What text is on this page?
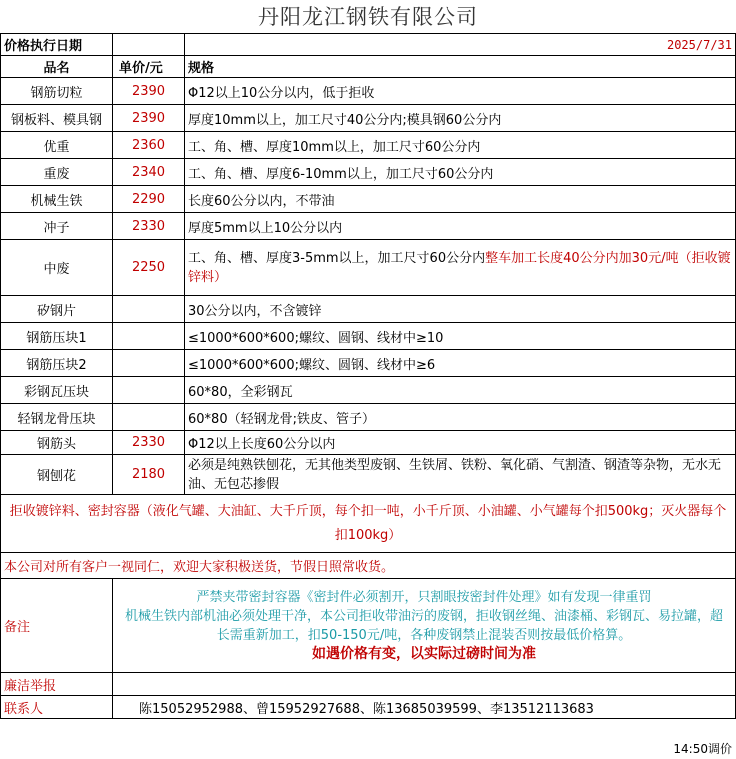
丹阳龙江钢铁有限公司
价格执行日期		2025/7/31
品名	单价/元	规格
钢筋切粒	2390	Φ12以上10公分以内，低于拒收
钢板料、模具钢	2390	厚度10mm以上，加工尺寸40公分内;模具钢60公分内
优重	2360	工、角、槽、厚度10mm以上，加工尺寸60公分内
重废	2340	工、角、槽、厚度6-10mm以上，加工尺寸60公分内
机械生铁	2290	长度60公分以内，不带油
冲子	2330	厚度5mm以上10公分以内
中废	2250	工、角、槽、厚度3-5mm以上，加工尺寸60公分内整车加工长度40公分内加30元/吨（拒收镀锌料）
矽钢片		30公分以内，不含镀锌
钢筋压块1		≤1000*600*600;螺纹、圆钢、线材中≥10
钢筋压块2		≤1000*600*600;螺纹、圆钢、线材中≥6
彩钢瓦压块		60*80，全彩钢瓦
轻钢龙骨压块		60*80（轻钢龙骨;铁皮、管子）
钢筋头	2330	Φ12以上长度60公分以内
钢刨花	2180	必须是纯熟铁刨花，无其他类型废钢、生铁屑、铁粉、氧化硝、气割渣、钢渣等杂物，无水无油、无包芯掺假
拒收镀锌料、密封容器（液化气罐、大油缸、大千斤顶，每个扣一吨，小千斤顶、小油罐、小气罐每个扣500kg；灭火器每个扣100kg）		
本公司对所有客户一视同仁，欢迎大家积极送货，节假日照常收货。		
备注	严禁夹带密封容器《密封件必须割开，只割眼按密封件处理》如有发现一律重罚
机械生铁内部机油必须处理干净，本公司拒收带油污的废钢，拒收钢丝绳、油漆桶、彩钢瓦、易拉罐，超长需重新加工，扣50-150元/吨，各种废钢禁止混装否则按最低价格算。
如遇价格有变，以实际过磅时间为准	

廉洁举报		
联系人	陈15052952988、曾15952927688、陈13685039599、李13512113683	
14:50调价
